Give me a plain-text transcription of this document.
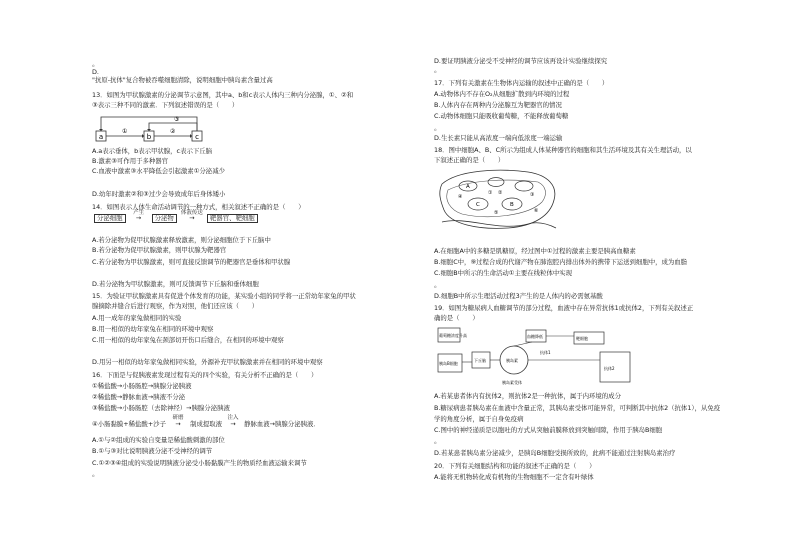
。
D.
"抗原-抗体"复合物被吞噬细胞清除，说明细胞中胰岛素含量过高
13．如图为甲状腺激素的分泌调节示意图，其中a、b和c表示人体内三种内分泌腺，①、②和
③表示三种不同的激素．下列叙述错误的是（　　）
a	b	c
①	②
③
A.a表示垂体，b表示甲状腺，c表示下丘脑
B.激素③可作用于多种器官
C.血液中激素③水平降低会引起激素①分泌减少
D.幼年时激素②和③过少会导致成年后身体矮小
14．如图表示人体生命活动调节的一种方式，相关叙述不正确的是（　　）
分泌细胞
产生
→ 分泌物
体液传送
→ 靶器官、靶细胞
A.若分泌物为促甲状腺激素释放激素，则分泌细胞位于下丘脑中
B.若分泌物为促甲状腺激素，则甲状腺为靶器官
C.若分泌物为甲状腺激素，则可直接反馈调节的靶器官是垂体和甲状腺
D.若分泌物为甲状腺激素，则可反馈调节下丘脑和垂体细胞
15．为验证甲状腺激素具有促进个体发育的功能，某实验小组的同学将一正常幼年家兔的甲状
腺摘除并缝合后进行观察，作为对照，他们还应该（　　）
A.用一成年的家兔做相同的实验
B.用一相似的幼年家兔在相同的环境中观察
C.用一相似的幼年家兔在颈部切开伤口后缝合，在相同的环境中观察
D.用另一相似的幼年家兔做相同实验，外源补充甲状腺激素并在相同的环境中观察
16．下面是与促胰液素发现过程有关的四个实验，有关分析不正确的是（　　）
①稀盐酸→小肠肠腔→胰腺分泌胰液
②稀盐酸→静脉血液→胰液不分泌
③稀盐酸→小肠肠腔（去除神经）→胰腺分泌胰液
④小肠黏膜+稀盐酸+沙子
研磨
→ 制成提取液
注入
→ 静脉血液→胰腺分泌胰液．
A.①与②组成的实验自变量是稀盐酸刺激的部位
B.①与③对比说明胰液分泌不受神经的调节
C.①②③④组成的实验说明胰液分泌受小肠黏膜产生的物质经血液运输来调节
。
D.要证明胰液分泌受不受神经的调节应该再设计实验继续探究
。
17．下列有关激素在生物体内运输的叙述中正确的是（　　）
A.动物体内不存在O₂从细胞扩散到内环境的过程
B.人体内存在两种内分泌腺互为靶器官的情况
C.动物体细胞只能吸收葡萄糖，不能释放葡萄糖
。
D.生长素只能从高浓度一端向低浓度一端运输
18．图中细胞A、B、C所示为组成人体某种器官的细胞和其生活环境及其有关生理活动，以
下叙述正确的是（　　）
A
B
C
① ②	③
④
⑤	⑥
A.在细胞A中的多糖是肌糖原，经过图中①过程的激素主要是胰高血糖素
B.细胞C中，⑨过程合成的代谢产物在肺泡腔内排出体外的携带下运送到细胞中，成为血脂
C.细胞B中所示的生命活动①主要在线粒体中实现
。
D.细胞B中所示生理活动过程3产生的是人体内的必需氨基酸
19．如图为糖尿病人血糖调节的部分过程，血液中存在异常抗体1或抗体2，下列有关叙述正
确的是（　　）
葡萄糖浓度升高
胰岛B细胞
下丘脑	胰岛素
血糖降低	靶细胞
抗体1
抗体2
胰岛素受体
A.若某患者体内有抗体2，则抗体2是一种抗体，属于内环境的成分
B.糖尿病患者胰岛素在血液中含量正常，其胰岛素受体可能异常，可判断其中抗体2（抗体1），从免疫
学的角度分析，属于自身免疫病
C.图中的神经递质是以胞吐的方式从突触前膜释放到突触间隙，作用于胰岛B细胞
。
D.若某患者胰岛素分泌减少，是胰岛B细胞受损所致的，此病不能通过注射胰岛素治疗
20．下列有关细胞结构和功能的叙述不正确的是（　　）
A.能将无机物转化成有机物的生物细胞不一定含有叶绿体
